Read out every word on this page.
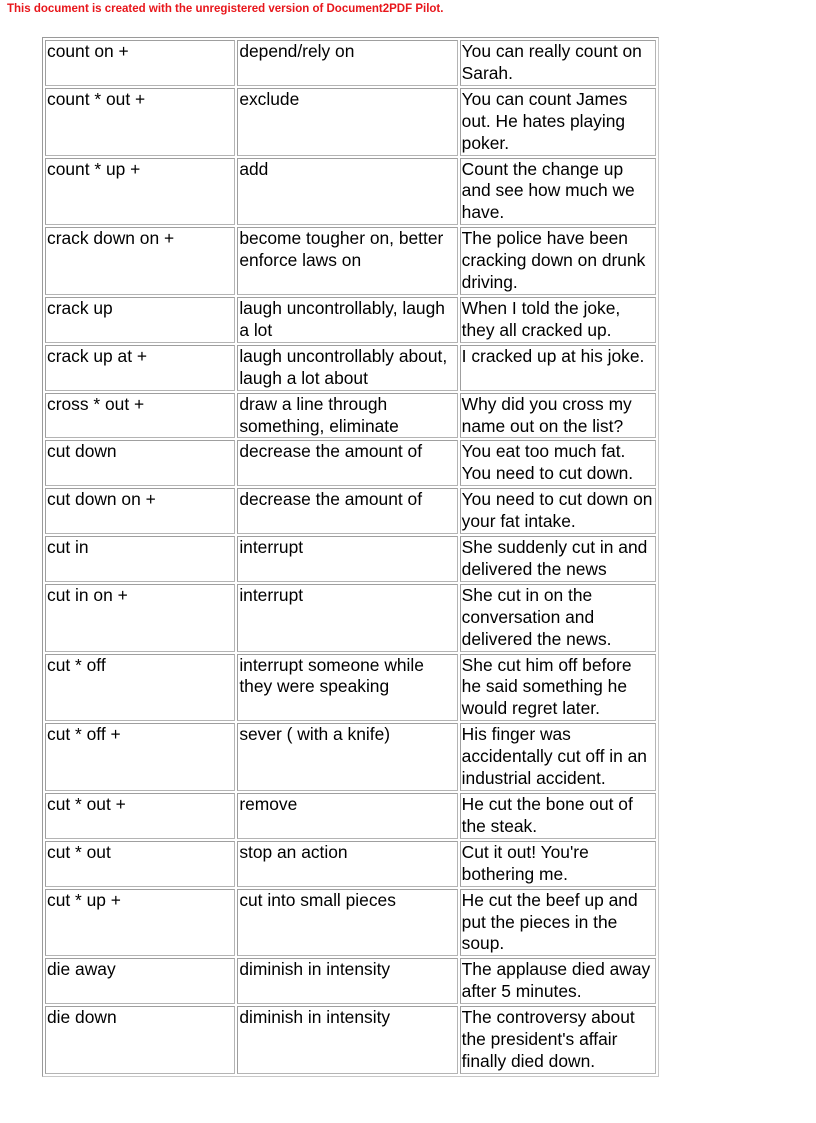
This document is created with the unregistered version of Document2PDF Pilot.
count on +	depend/rely on	You can really count on Sarah.
count * out +	exclude	You can count James out. He hates playing poker.
count * up +	add	Count the change up and see how much we have.
crack down on +	become tougher on, better enforce laws on	The police have been cracking down on drunk driving.
crack up	laugh uncontrollably, laugh a lot	When I told the joke, they all cracked up.
crack up at +	laugh uncontrollably about, laugh a lot about	I cracked up at his joke.
cross * out +	draw a line through something, eliminate	Why did you cross my name out on the list?
cut down	decrease the amount of	You eat too much fat. You need to cut down.
cut down on +	decrease the amount of	You need to cut down on your fat intake.
cut in	interrupt	She suddenly cut in and delivered the news
cut in on +	interrupt	She cut in on the conversation and delivered the news.
cut * off	interrupt someone while they were speaking	She cut him off before he said something he would regret later.
cut * off +	sever ( with a knife)	His finger was accidentally cut off in an industrial accident.
cut * out +	remove	He cut the bone out of the steak.
cut * out	stop an action	Cut it out! You're bothering me.
cut * up +	cut into small pieces	He cut the beef up and put the pieces in the soup.
die away	diminish in intensity	The applause died away after 5 minutes.
die down	diminish in intensity	The controversy about the president's affair finally died down.
